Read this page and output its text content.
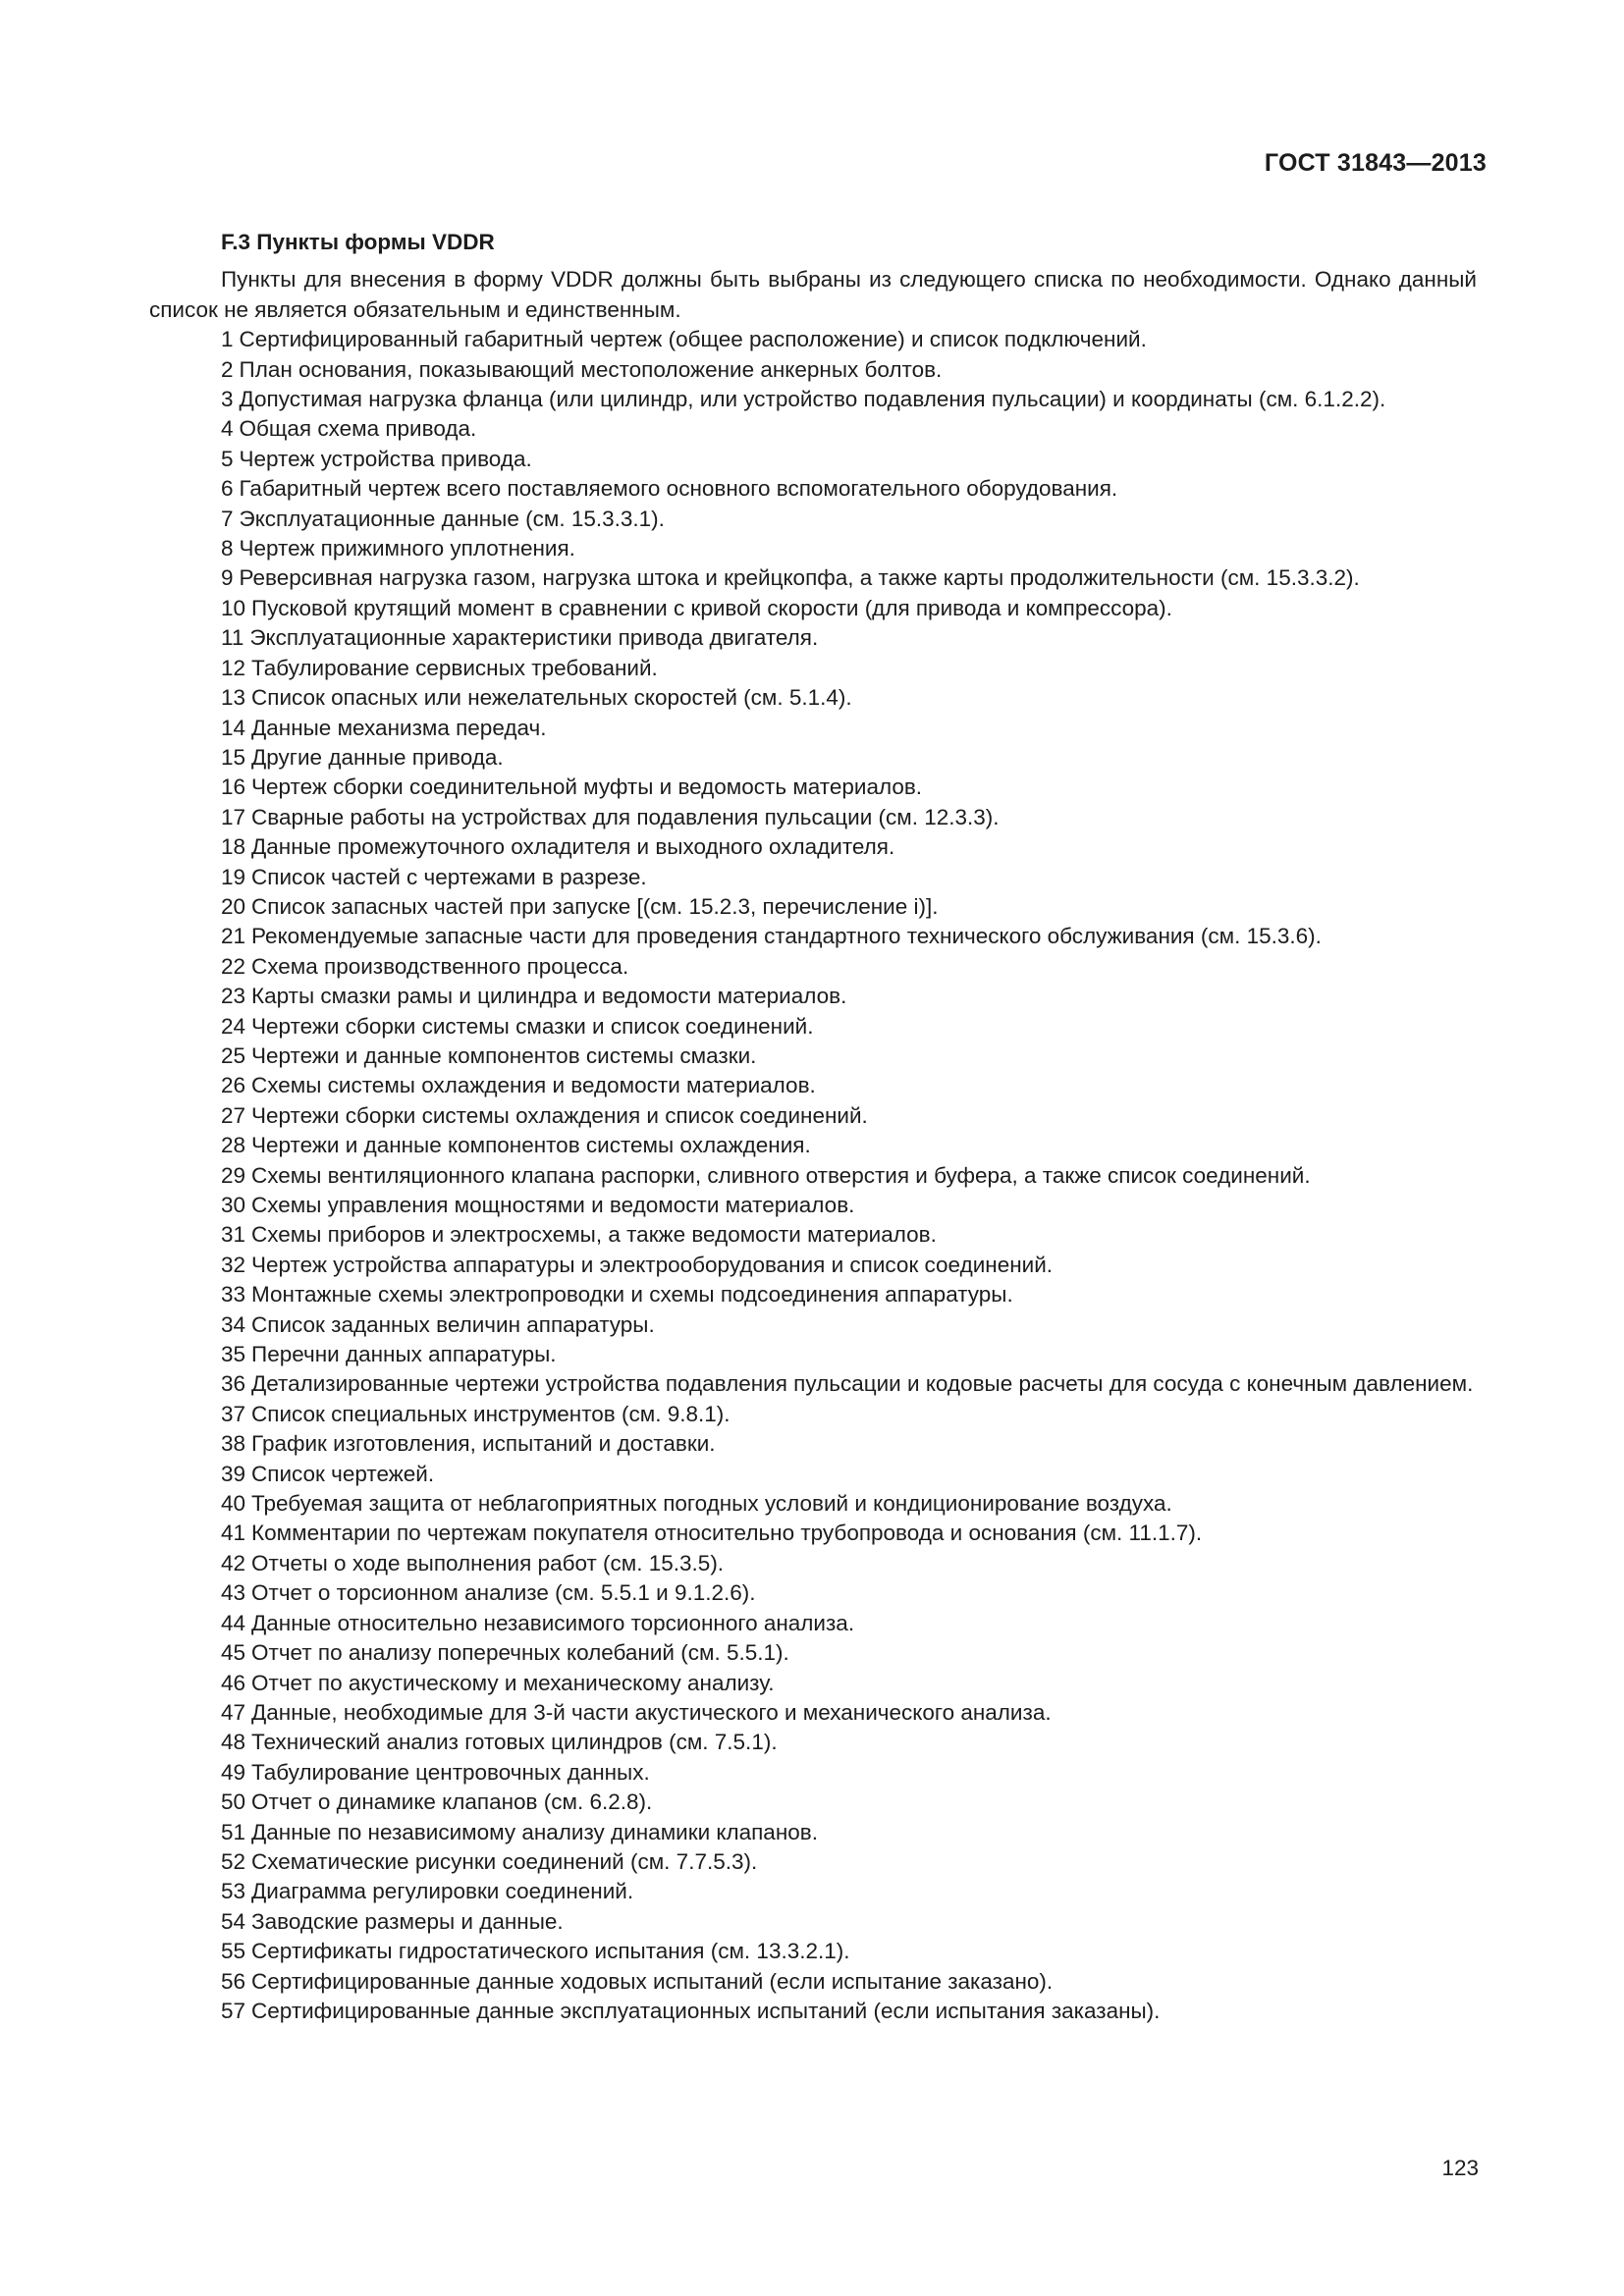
ГОСТ 31843—2013
F.3 Пункты формы VDDR
Пункты для внесения в форму VDDR должны быть выбраны из следующего списка по необходимости. Однако данный список не является обязательным и единственным.
1 Сертифицированный габаритный чертеж (общее расположение) и список подключений.
2 План основания, показывающий местоположение анкерных болтов.
3 Допустимая нагрузка фланца (или цилиндр, или устройство подавления пульсации) и координаты (см. 6.1.2.2).
4 Общая схема привода.
5 Чертеж устройства привода.
6 Габаритный чертеж всего поставляемого основного вспомогательного оборудования.
7 Эксплуатационные данные (см. 15.3.3.1).
8 Чертеж прижимного уплотнения.
9 Реверсивная нагрузка газом, нагрузка штока и крейцкопфа, а также карты продолжительности (см. 15.3.3.2).
10 Пусковой крутящий момент в сравнении с кривой скорости (для привода и компрессора).
11 Эксплуатационные характеристики привода двигателя.
12 Табулирование сервисных требований.
13 Список опасных или нежелательных скоростей (см. 5.1.4).
14 Данные механизма передач.
15 Другие данные привода.
16 Чертеж сборки соединительной муфты и ведомость материалов.
17 Сварные работы на устройствах для подавления пульсации (см. 12.3.3).
18 Данные промежуточного охладителя и выходного охладителя.
19 Список частей с чертежами в разрезе.
20 Список запасных частей при запуске [(см. 15.2.3, перечисление i)].
21 Рекомендуемые запасные части для проведения стандартного технического обслуживания (см. 15.3.6).
22 Схема производственного процесса.
23 Карты смазки рамы и цилиндра и ведомости материалов.
24 Чертежи сборки системы смазки и список соединений.
25 Чертежи и данные компонентов системы смазки.
26 Схемы системы охлаждения и ведомости материалов.
27 Чертежи сборки системы охлаждения и список соединений.
28 Чертежи и данные компонентов системы охлаждения.
29 Схемы вентиляционного клапана распорки, сливного отверстия и буфера, а также список соединений.
30 Схемы управления мощностями и ведомости материалов.
31 Схемы приборов и электросхемы, а также ведомости материалов.
32 Чертеж устройства аппаратуры и электрооборудования и список соединений.
33 Монтажные схемы электропроводки и схемы подсоединения аппаратуры.
34 Список заданных величин аппаратуры.
35 Перечни данных аппаратуры.
36 Детализированные чертежи устройства подавления пульсации и кодовые расчеты для сосуда с конечным давлением.
37 Список специальных инструментов (см. 9.8.1).
38 График изготовления, испытаний и доставки.
39 Список чертежей.
40 Требуемая защита от неблагоприятных погодных условий и кондиционирование воздуха.
41 Комментарии по чертежам покупателя относительно трубопровода и основания (см. 11.1.7).
42 Отчеты о ходе выполнения работ (см. 15.3.5).
43 Отчет о торсионном анализе (см. 5.5.1 и 9.1.2.6).
44 Данные относительно независимого торсионного анализа.
45 Отчет по анализу поперечных колебаний (см. 5.5.1).
46 Отчет по акустическому и механическому анализу.
47 Данные, необходимые для 3-й части акустического и механического анализа.
48 Технический анализ готовых цилиндров (см. 7.5.1).
49 Табулирование центровочных данных.
50 Отчет о динамике клапанов (см. 6.2.8).
51 Данные по независимому анализу динамики клапанов.
52 Схематические рисунки соединений (см. 7.7.5.3).
53 Диаграмма регулировки соединений.
54 Заводские размеры и данные.
55 Сертификаты гидростатического испытания (см. 13.3.2.1).
56 Сертифицированные данные ходовых испытаний (если испытание заказано).
57 Сертифицированные данные эксплуатационных испытаний (если испытания заказаны).
123
